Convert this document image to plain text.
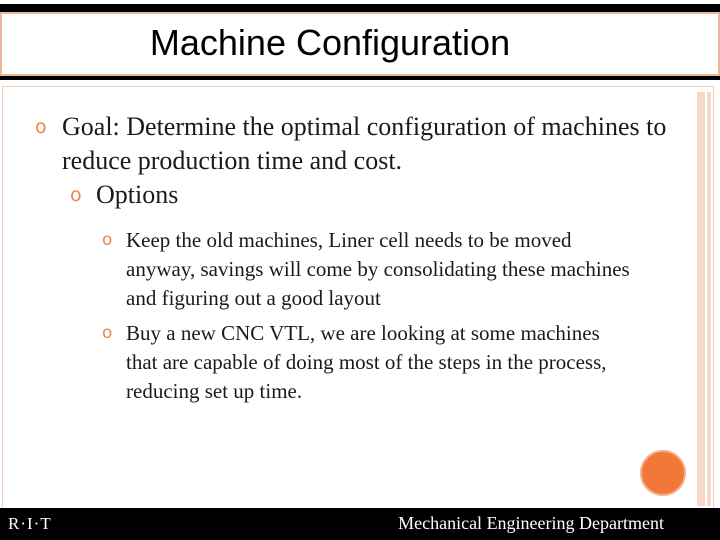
Machine Configuration
o Goal: Determine the optimal configuration of machines to reduce production time and cost.
o Options
o Keep the old machines, Liner cell needs to be moved anyway, savings will come by consolidating these machines and figuring out a good layout
o Buy a new CNC VTL, we are looking at some machines that are capable of doing most of the steps in the process, reducing set up time.
R·I·T	Mechanical Engineering Department
